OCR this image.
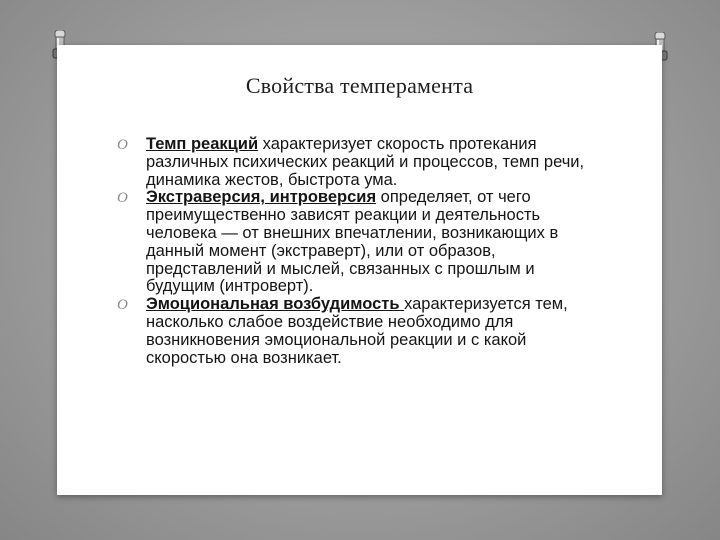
Свойства темперамента
O Темп реакций характеризует скорость протекания различных психических реакций и процессов, темп речи, динамика жестов, быстрота ума.
O Экстраверсия, интроверсия определяет, от чего преимущественно зависят реакции и деятельность человека — от внешних впечатлении, возникающих в данный момент (экстраверт), или от образов, представлений и мыслей, связанных с прошлым и будущим (интроверт).
O Эмоциональная возбудимость характеризуется тем, насколько слабое воздействие необходимо для возникновения эмоциональной реакции и с какой скоростью она возникает.
